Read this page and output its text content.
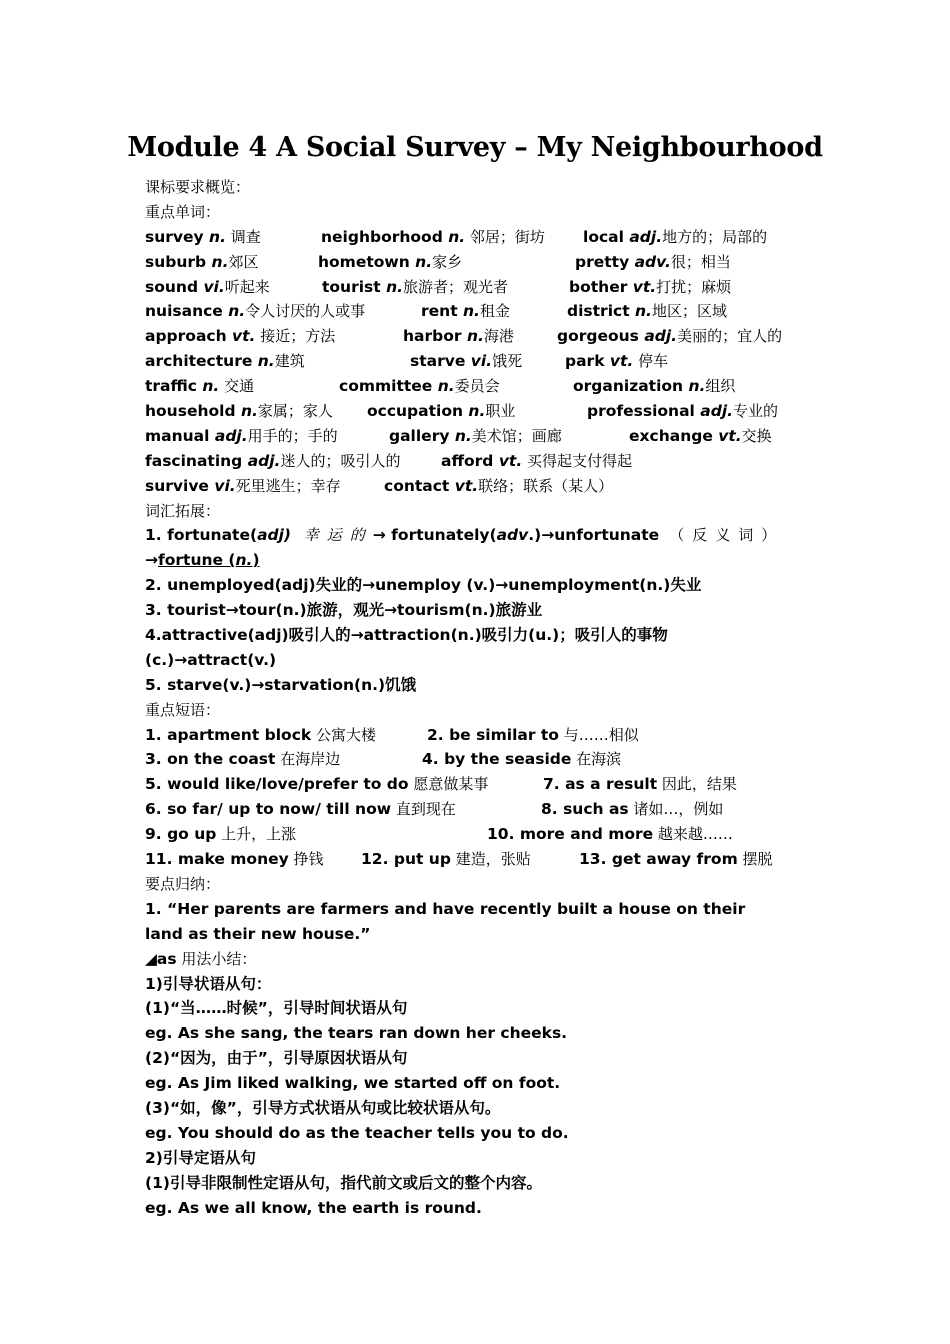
Module 4 A Social Survey – My Neighbourhood
课标要求概览：
重点单词：
survey n. 调查	neighborhood n. 邻居；街坊 local adj.地方的；局部的
suburb n.郊区	hometown n.家乡	pretty adv.很；相当
sound vi.听起来	tourist n.旅游者；观光者	bother vt.打扰；麻烦
nuisance n.令人讨厌的人或事	rent n.租金	district n.地区；区域
approach vt. 接近；方法	harbor n.海港	gorgeous adj.美丽的；宜人的
architecture n.建筑	starve vi.饿死	park vt. 停车
traffic n. 交通	committee n.委员会	organization n.组织
household n.家属；家人 occupation n.职业	professional adj.专业的
manual adj.用手的；手的	gallery n.美术馆；画廊	exchange vt.交换
fascinating adj.迷人的；吸引人的	afford vt. 买得起支付得起
survive vi.死里逃生；幸存	contact vt.联络；联系（某人）
词汇拓展：
1. fortunate(adj) 幸运的→ fortunately(adv.)→unfortunate （反义词）
→fortune (n.)
2. unemployed(adj)失业的→unemploy (v.)→unemployment(n.)失业
3. tourist→tour(n.)旅游，观光→tourism(n.)旅游业
4.attractive(adj)吸引人的→attraction(n.)吸引力(u.)；吸引人的事物
(c.)→attract(v.)
5. starve(v.)→starvation(n.)饥饿
重点短语：
1. apartment block 公寓大楼	2. be similar to 与……相似
3. on the coast 在海岸边	4. by the seaside 在海滨
5. would like/love/prefer to do 愿意做某事	7. as a result 因此，结果
6. so far/ up to now/ till now 直到现在	8. such as 诸如…，例如
9. go up 上升，上涨	10. more and more 越来越……
11. make money 挣钱 12. put up 建造，张贴	13. get away from 摆脱
要点归纳：
1. “Her parents are farmers and have recently built a house on their
land as their new house.”
◢as 用法小结：
1)引导状语从句：
(1)“当……时候”，引导时间状语从句
eg. As she sang, the tears ran down her cheeks.
(2)“因为，由于”，引导原因状语从句
eg. As Jim liked walking, we started off on foot.
(3)“如，像”，引导方式状语从句或比较状语从句。
eg. You should do as the teacher tells you to do.
2)引导定语从句
(1)引导非限制性定语从句，指代前文或后文的整个内容。
eg. As we all know, the earth is round.
